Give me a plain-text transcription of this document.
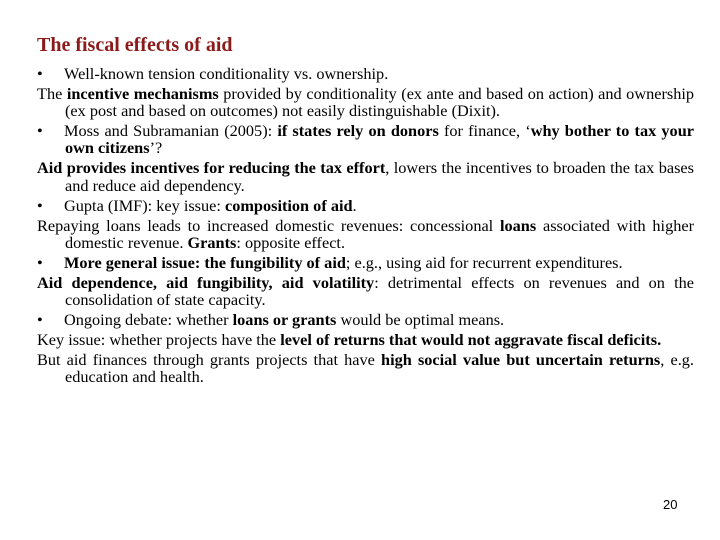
The fiscal effects of aid
• Well-known tension conditionality vs. ownership.
The incentive mechanisms provided by conditionality (ex ante and based on action) and ownership (ex post and based on outcomes) not easily distinguishable (Dixit).
• Moss and Subramanian (2005): if states rely on donors for finance, ‘why bother to tax your own citizens’?
Aid provides incentives for reducing the tax effort, lowers the incentives to broaden the tax bases and reduce aid dependency.
• Gupta (IMF): key issue: composition of aid.
Repaying loans leads to increased domestic revenues: concessional loans associated with higher domestic revenue. Grants: opposite effect.
• More general issue: the fungibility of aid; e.g., using aid for recurrent expenditures.
Aid dependence, aid fungibility, aid volatility: detrimental effects on revenues and on the consolidation of state capacity.
• Ongoing debate: whether loans or grants would be optimal means.
Key issue: whether projects have the level of returns that would not aggravate fiscal deficits.
But aid finances through grants projects that have high social value but uncertain returns, e.g. education and health.
20
